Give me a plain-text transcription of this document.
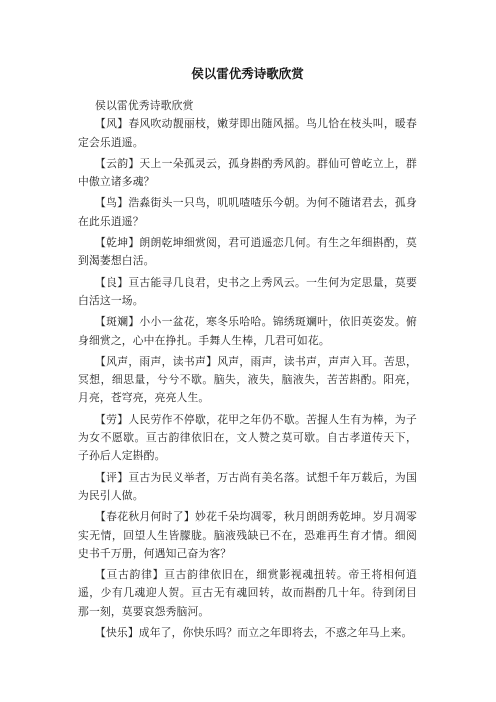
侯以雷优秀诗歌欣赏

侯以雷优秀诗歌欣赏

【风】春风吹动靓丽枝，嫩芽即出随风摇。鸟儿恰在枝头叫，暖春定会乐逍遥。

【云韵】天上一朵孤灵云，孤身斟酌秀风韵。群仙可曾屹立上，群中傲立诸多魂？

【鸟】浩淼街头一只鸟，叽叽喳喳乐今朝。为何不随诸君去，孤身在此乐逍遥？

【乾坤】朗朗乾坤细赏阅，君可逍遥恋几何。有生之年细斟酌，莫到渴萎想白活。

【良】亘古能寻几良君，史书之上秀风云。一生何为定思量，莫要白活这一场。

【斑斓】小小一盆花，寒冬乐哈哈。锦绣斑斓叶，依旧英姿发。俯身细赏之，心中在挣扎。手舞人生棒，几君可如花。

【风声，雨声，读书声】风声，雨声，读书声，声声入耳。苦思，冥想，细思量，兮兮不歇。脑失，液失，脑液失，苦苦斟酌。阳亮，月亮，苍穹亮，亮亮人生。

【劳】人民劳作不停歇，花甲之年仍不歇。苦握人生有为棒，为子为女不愿歇。亘古韵律依旧在，文人赞之莫可歇。自古孝道传天下，子孙后人定斟酌。

【评】亘古为民义举者，万古尚有美名落。试想千年万载后，为国为民引人做。

【春花秋月何时了】妙花千朵均凋零，秋月朗朗秀乾坤。岁月凋零实无情，回望人生皆朦胧。脑液残缺已不在，恐难再生育才情。细阅史书千万册，何遇知己奋为客？

【亘古韵律】亘古韵律依旧在，细赏影视魂扭转。帝王将相何逍遥，少有几魂迎人贺。亘古无有魂回转，故而斟酌几十年。待到闭目那一刻，莫要哀怨秀脑河。

【快乐】成年了，你快乐吗？而立之年即将去，不惑之年马上来。
